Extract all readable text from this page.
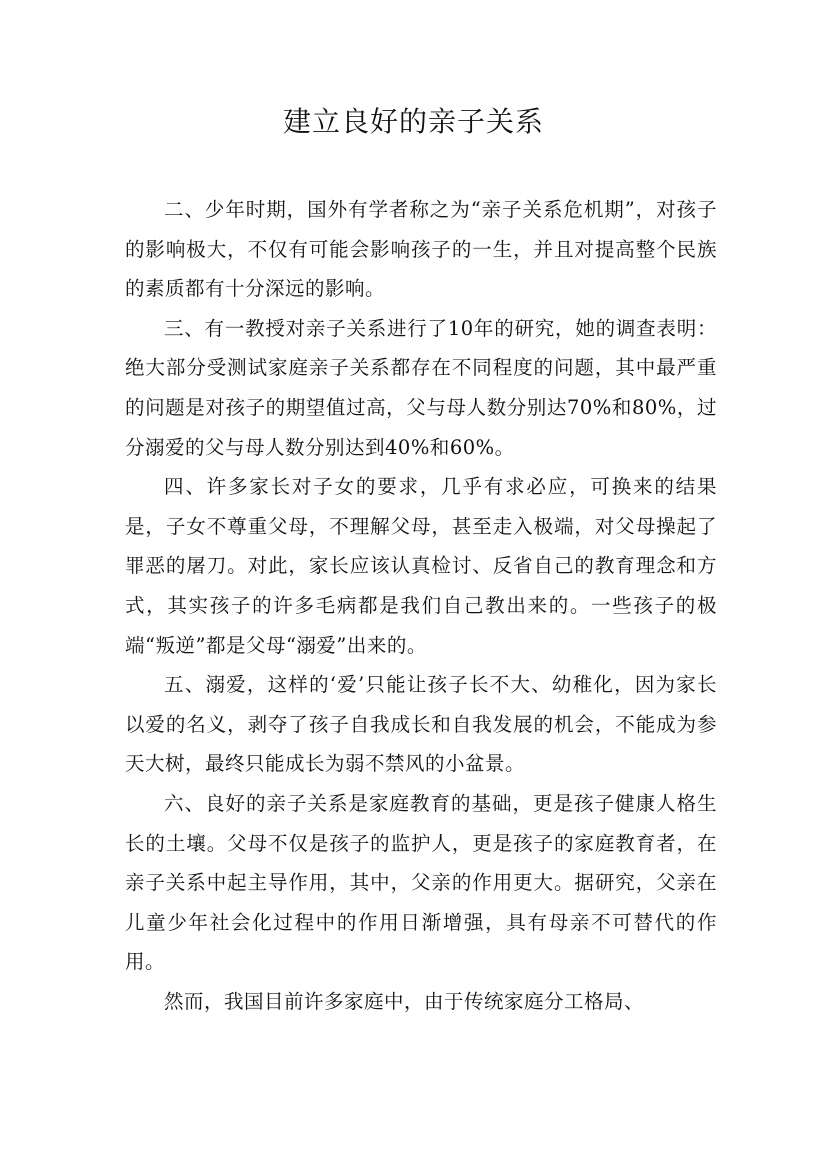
建立良好的亲子关系

二、少年时期，国外有学者称之为“亲子关系危机期”，对孩子的影响极大，不仅有可能会影响孩子的一生，并且对提高整个民族的素质都有十分深远的影响。

三、有一教授对亲子关系进行了10年的研究，她的调查表明：绝大部分受测试家庭亲子关系都存在不同程度的问题，其中最严重的问题是对孩子的期望值过高，父与母人数分别达70%和80%，过分溺爱的父与母人数分别达到40%和60%。

四、许多家长对子女的要求，几乎有求必应，可换来的结果是，子女不尊重父母，不理解父母，甚至走入极端，对父母操起了罪恶的屠刀。对此，家长应该认真检讨、反省自己的教育理念和方式，其实孩子的许多毛病都是我们自己教出来的。一些孩子的极端“叛逆”都是父母“溺爱”出来的。

五、溺爱，这样的‘爱’只能让孩子长不大、幼稚化，因为家长以爱的名义，剥夺了孩子自我成长和自我发展的机会，不能成为参天大树，最终只能成长为弱不禁风的小盆景。

六、良好的亲子关系是家庭教育的基础，更是孩子健康人格生长的土壤。父母不仅是孩子的监护人，更是孩子的家庭教育者，在亲子关系中起主导作用，其中，父亲的作用更大。据研究，父亲在儿童少年社会化过程中的作用日渐增强，具有母亲不可替代的作用。

然而，我国目前许多家庭中，由于传统家庭分工格局、
